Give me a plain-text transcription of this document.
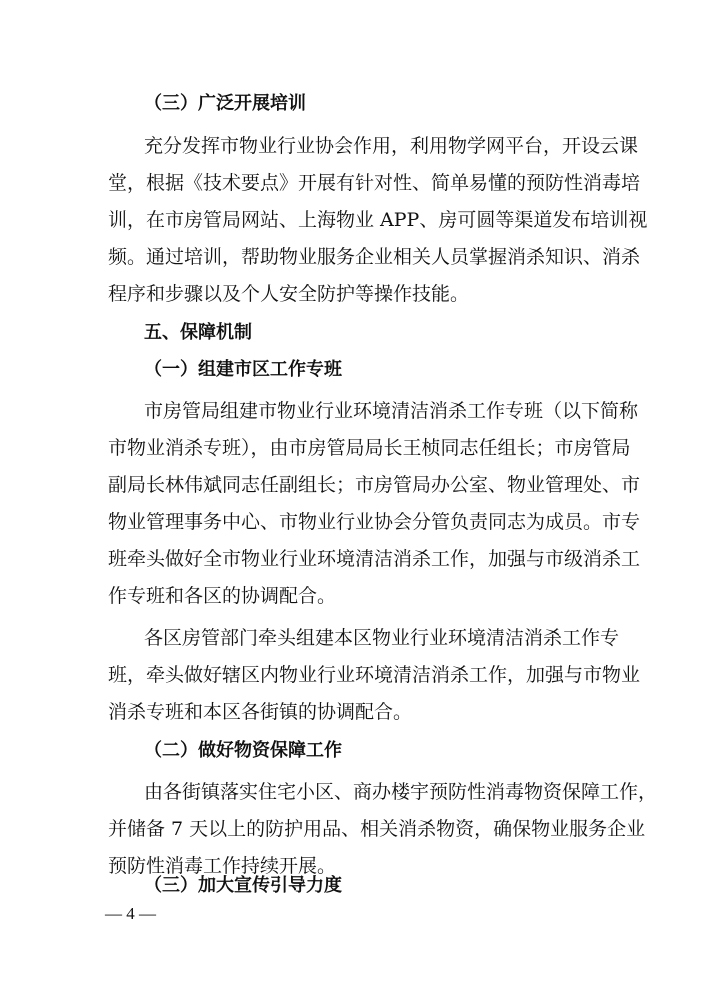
（三）广泛开展培训
充分发挥市物业行业协会作用，利用物学网平台，开设云课
堂，根据《技术要点》开展有针对性、简单易懂的预防性消毒培
训，在市房管局网站、上海物业 APP、房可圆等渠道发布培训视
频。通过培训，帮助物业服务企业相关人员掌握消杀知识、消杀
程序和步骤以及个人安全防护等操作技能。
五、保障机制
（一）组建市区工作专班
市房管局组建市物业行业环境清洁消杀工作专班（以下简称
市物业消杀专班），由市房管局局长王桢同志任组长；市房管局
副局长林伟斌同志任副组长；市房管局办公室、物业管理处、市
物业管理事务中心、市物业行业协会分管负责同志为成员。市专
班牵头做好全市物业行业环境清洁消杀工作，加强与市级消杀工
作专班和各区的协调配合。
各区房管部门牵头组建本区物业行业环境清洁消杀工作专
班，牵头做好辖区内物业行业环境清洁消杀工作，加强与市物业
消杀专班和本区各街镇的协调配合。
（二）做好物资保障工作
由各街镇落实住宅小区、商办楼宇预防性消毒物资保障工作，
并储备 7 天以上的防护用品、相关消杀物资，确保物业服务企业
预防性消毒工作持续开展。
（三）加大宣传引导力度
— 4 —
